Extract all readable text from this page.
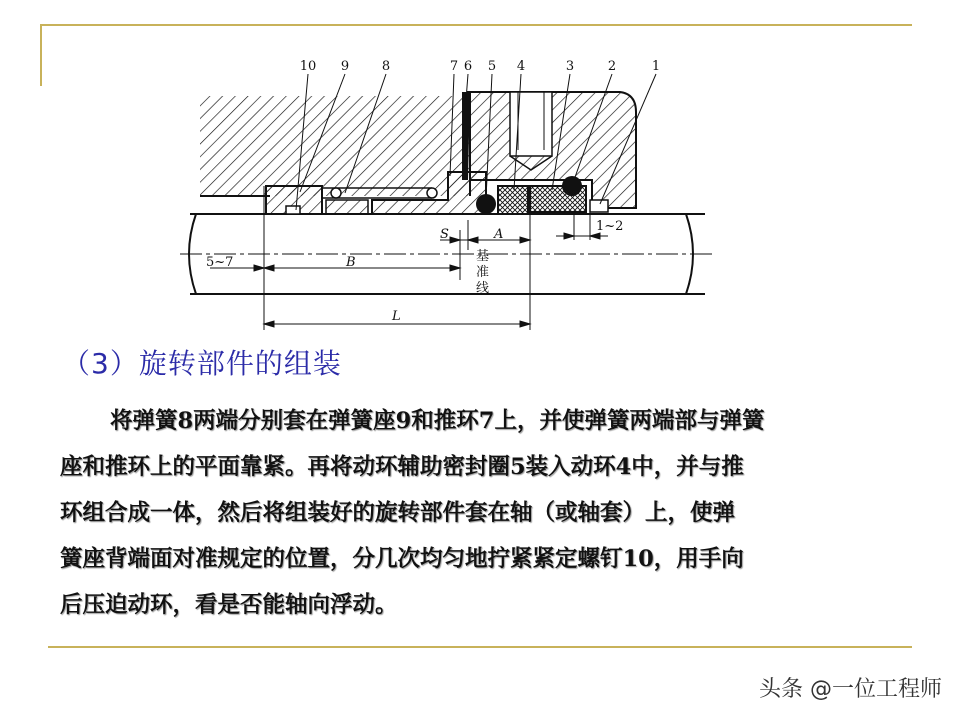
10 9	8	7 6 5 4	3	2	1
5~7	B
S	A
1~2
L
基
准
线
（3）旋转部件的组装
将弹簧8两端分别套在弹簧座9和推环7上，并使弹簧两端部与弹簧
座和推环上的平面靠紧。再将动环辅助密封圈5装入动环4中，并与推
环组合成一体，然后将组装好的旋转部件套在轴（或轴套）上，使弹
簧座背端面对准规定的位置，分几次均匀地拧紧紧定螺钉10，用手向
后压迫动环，看是否能轴向浮动。
头条 @一位工程师
